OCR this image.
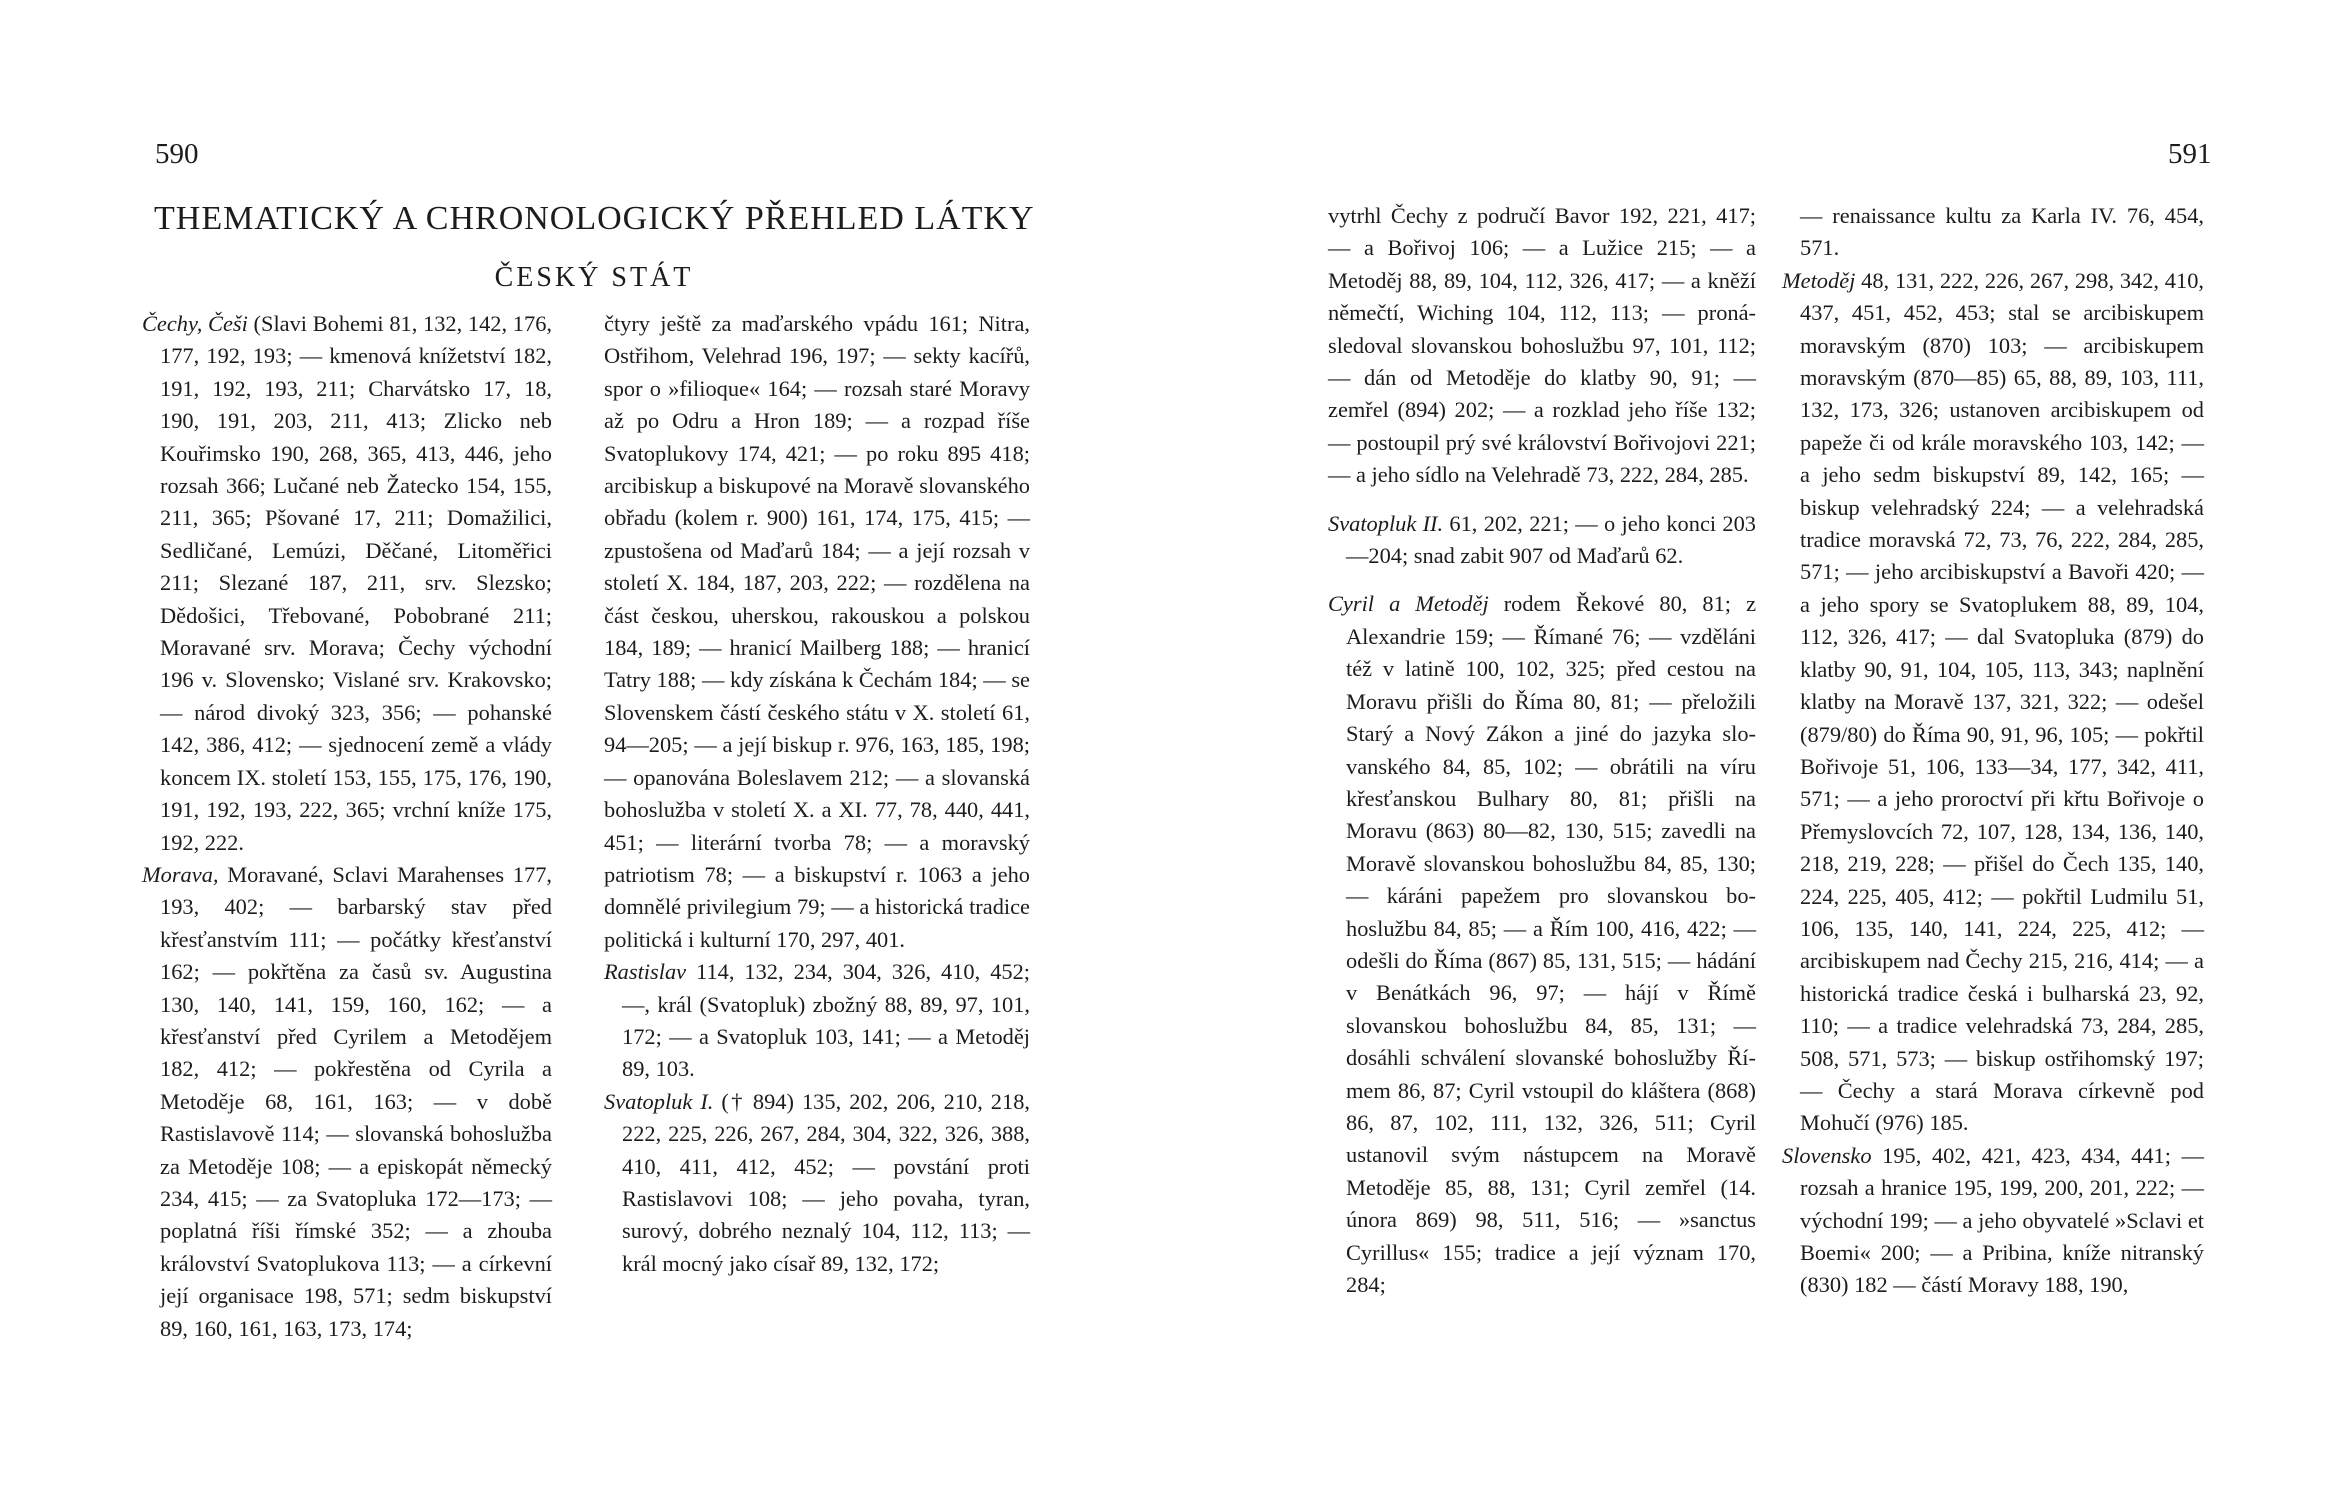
590
THEMATICKÝ A CHRONOLOGICKÝ PŘEHLED LÁTKY
ČESKÝ STÁT

Čechy, Češi (Slavi Bohemi 81, 132, 142, 176, 177, 192, 193; — kmenová knížetství 182, 191, 192, 193, 211; Charvátsko 17, 18, 190, 191, 203, 211, 413; Zlicko neb Kouřimsko 190, 268, 365, 413, 446, jeho rozsah 366; Lučané neb Žatecko 154, 155, 211, 365; Pšované 17, 211; Domažilici, Sedličané, Lemúzi, Děčané, Litoměřici 211; Slezané 187, 211, srv. Slezsko; Dědošici, Třebované, Pobobrané 211; Moravané srv. Morava; Čechy východní 196 v. Slovensko; Vislané srv. Krakovsko; — národ divoký 323, 356; — pohanské 142, 386, 412; — sjednocení země a vlády koncem IX. století 153, 155, 175, 176, 190, 191, 192, 193, 222, 365; vrchní kníže 175, 192, 222.

Morava, Moravané, Sclavi Marahenses 177, 193, 402; — barbarský stav před křesťanstvím 111; — počátky křesťanství 162; — pokřtěna za časů sv. Augustina 130, 140, 141, 159, 160, 162; — a křesťanství před Cyrilem a Metodějem 182, 412; — pokřestěna od Cyrila a Metoděje 68, 161, 163; — v době Rastislavově 114; — slovanská bohoslužba za Metoděje 108; — a episkopát německý 234, 415; — za Svatopluka 172—173; — poplatná říši římské 352; — a zhouba království Svatoplukova 113; — a církevní její organisace 198, 571; sedm biskupství 89, 160, 161, 163, 173, 174;

čtyry ještě za maďarského vpádu 161; Nitra, Ostřihom, Velehrad 196, 197; — sekty kacířů, spor o »filioque« 164; — rozsah staré Moravy až po Odru a Hron 189; — a rozpad říše Svatoplukovy 174, 421; — po roku 895 418; arcibiskup a biskupové na Moravě slovanského obřadu (kolem r. 900) 161, 174, 175, 415; — zpustošena od Maďarů 184; — a její rozsah v století X. 184, 187, 203, 222; — rozdělena na část českou, uherskou, rakouskou a polskou 184, 189; — hranicí Mailberg 188; — hranicí Tatry 188; — kdy získána k Čechám 184; — se Slovenskem částí českého státu v X. století 61, 94—205; — a její biskup r. 976, 163, 185, 198; — opanována Boleslavem 212; — a slovanská bohoslužba v století X. a XI. 77, 78, 440, 441, 451; — literární tvorba 78; — a moravský patriotism 78; — a biskupství r. 1063 a jeho domnělé privilegium 79; — a historická tradice politická i kulturní 170, 297, 401.

Rastislav 114, 132, 234, 304, 326, 410, 452; —, král (Svatopluk) zbožný 88, 89, 97, 101, 172; — a Svatopluk 103, 141; — a Metoděj 89, 103.

Svatopluk I. († 894) 135, 202, 206, 210, 218, 222, 225, 226, 267, 284, 304, 322, 326, 388, 410, 411, 412, 452; — povstání proti Rastislavovi 108; — jeho povaha, tyran, surový, dobrého neznalý 104, 112, 113; — král mocný jako císař 89, 132, 172;

591

vytrhl Čechy z područí Bavor 192, 221, 417; — a Bořivoj 106; — a Lužice 215; — a Metoděj 88, 89, 104, 112, 326, 417; — a kněží němečtí, Wiching 104, 112, 113; — pronásledoval slovanskou bohoslužbu 97, 101, 112; — dán od Metoděje do klatby 90, 91; — zemřel (894) 202; — a rozklad jeho říše 132; — postoupil prý své království Bořivojovi 221; — a jeho sídlo na Velehradě 73, 222, 284, 285.

Svatopluk II. 61, 202, 221; — o jeho konci 203—204; snad zabit 907 od Maďarů 62.

Cyril a Metoděj rodem Řekové 80, 81; z Alexandrie 159; — Římané 76; — vzděláni též v latině 100, 102, 325; před cestou na Moravu přišli do Říma 80, 81; — přeložili Starý a Nový Zákon a jiné do jazyka slovanského 84, 85, 102; — obrátili na víru křesťanskou Bulhary 80, 81; přišli na Moravu (863) 80—82, 130, 515; zavedli na Moravě slovanskou bohoslužbu 84, 85, 130; — káráni papežem pro slovanskou bohoslužbu 84, 85; — a Řím 100, 416, 422; — odešli do Říma (867) 85, 131, 515; — hádání v Benátkách 96, 97; — hájí v Římě slovanskou bohoslužbu 84, 85, 131; — dosáhli schválení slovanské bohoslužby Římem 86, 87; Cyril vstoupil do kláštera (868) 86, 87, 102, 111, 132, 326, 511; Cyril ustanovil svým nástupcem na Moravě Metoděje 85, 88, 131; Cyril zemřel (14. února 869) 98, 511, 516; — »sanctus Cyrillus« 155; tradice a její význam 170, 284;

— renaissance kultu za Karla IV. 76, 454, 571.

Metoděj 48, 131, 222, 226, 267, 298, 342, 410, 437, 451, 452, 453; stal se arcibiskupem moravským (870) 103; — arcibiskupem moravským (870—85) 65, 88, 89, 103, 111, 132, 173, 326; ustanoven arcibiskupem od papeže či od krále moravského 103, 142; — a jeho sedm biskupství 89, 142, 165; — biskup velehradský 224; — a velehradská tradice moravská 72, 73, 76, 222, 284, 285, 571; — jeho arcibiskupství a Bavoři 420; — a jeho spory se Svatoplukem 88, 89, 104, 112, 326, 417; — dal Svatopluka (879) do klatby 90, 91, 104, 105, 113, 343; naplnění klatby na Moravě 137, 321, 322; — odešel (879/80) do Říma 90, 91, 96, 105; — pokřtil Bořivoje 51, 106, 133—34, 177, 342, 411, 571; — a jeho proroctví při křtu Bořivoje o Přemyslovcích 72, 107, 128, 134, 136, 140, 218, 219, 228; — přišel do Čech 135, 140, 224, 225, 405, 412; — pokřtil Ludmilu 51, 106, 135, 140, 141, 224, 225, 412; — arcibiskupem nad Čechy 215, 216, 414; — a historická tradice česká i bulharská 23, 92, 110; — a tradice velehradská 73, 284, 285, 508, 571, 573; — biskup ostřihomský 197; — Čechy a stará Morava církevně pod Mohučí (976) 185.

Slovensko 195, 402, 421, 423, 434, 441; — rozsah a hranice 195, 199, 200, 201, 222; — východní 199; — a jeho obyvatelé »Sclavi et Boemi« 200; — a Pribina, kníže nitranský (830) 182 — částí Moravy 188, 190,
